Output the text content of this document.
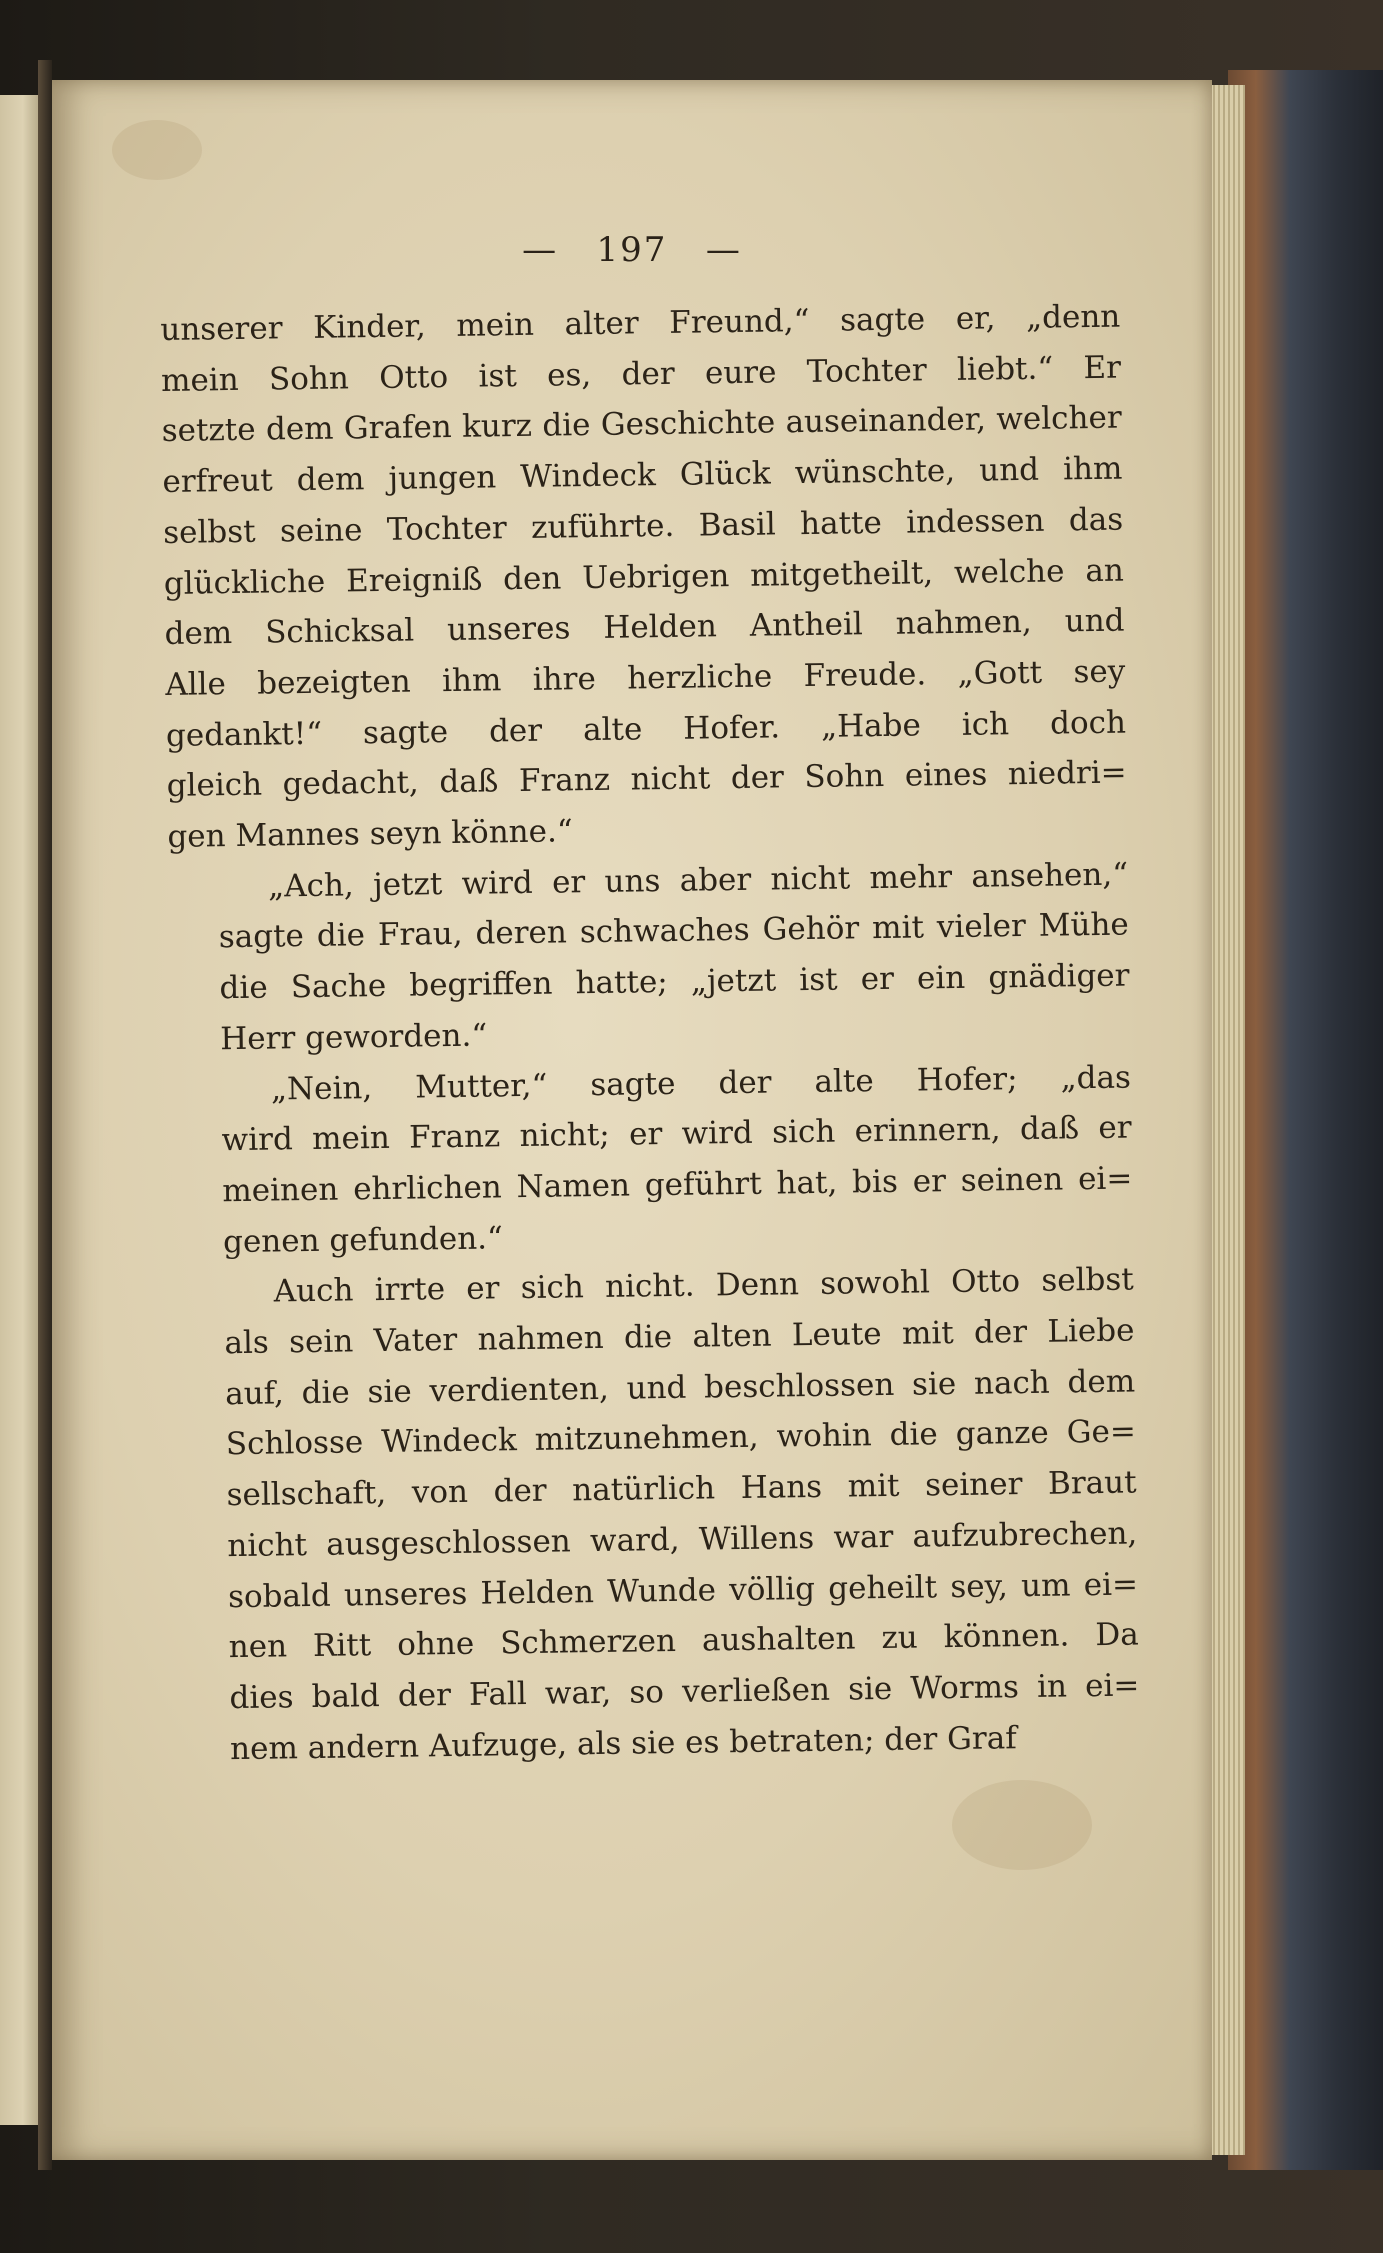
— 197 —

unserer Kinder, mein alter Freund,“ sagte er, „denn
mein Sohn Otto ist es, der eure Tochter liebt.“ Er
setzte dem Grafen kurz die Geschichte auseinander, welcher
erfreut dem jungen Windeck Glück wünschte, und ihm
selbst seine Tochter zuführte. Basil hatte indessen das
glückliche Ereigniß den Uebrigen mitgetheilt, welche an
dem Schicksal unseres Helden Antheil nahmen, und
Alle bezeigten ihm ihre herzliche Freude. „Gott sey
gedankt!“ sagte der alte Hofer. „Habe ich doch
gleich gedacht, daß Franz nicht der Sohn eines niedri=
gen Mannes seyn könne.“

„Ach, jetzt wird er uns aber nicht mehr ansehen,“
sagte die Frau, deren schwaches Gehör mit vieler Mühe
die Sache begriffen hatte; „jetzt ist er ein gnädiger
Herr geworden.“

„Nein, Mutter,“ sagte der alte Hofer; „das
wird mein Franz nicht; er wird sich erinnern, daß er
meinen ehrlichen Namen geführt hat, bis er seinen ei=
genen gefunden.“

Auch irrte er sich nicht. Denn sowohl Otto selbst
als sein Vater nahmen die alten Leute mit der Liebe
auf, die sie verdienten, und beschlossen sie nach dem
Schlosse Windeck mitzunehmen, wohin die ganze Ge=
sellschaft, von der natürlich Hans mit seiner Braut
nicht ausgeschlossen ward, Willens war aufzubrechen,
sobald unseres Helden Wunde völlig geheilt sey, um ei=
nen Ritt ohne Schmerzen aushalten zu können. Da
dies bald der Fall war, so verließen sie Worms in ei=
nem andern Aufzuge, als sie es betraten; der Graf
